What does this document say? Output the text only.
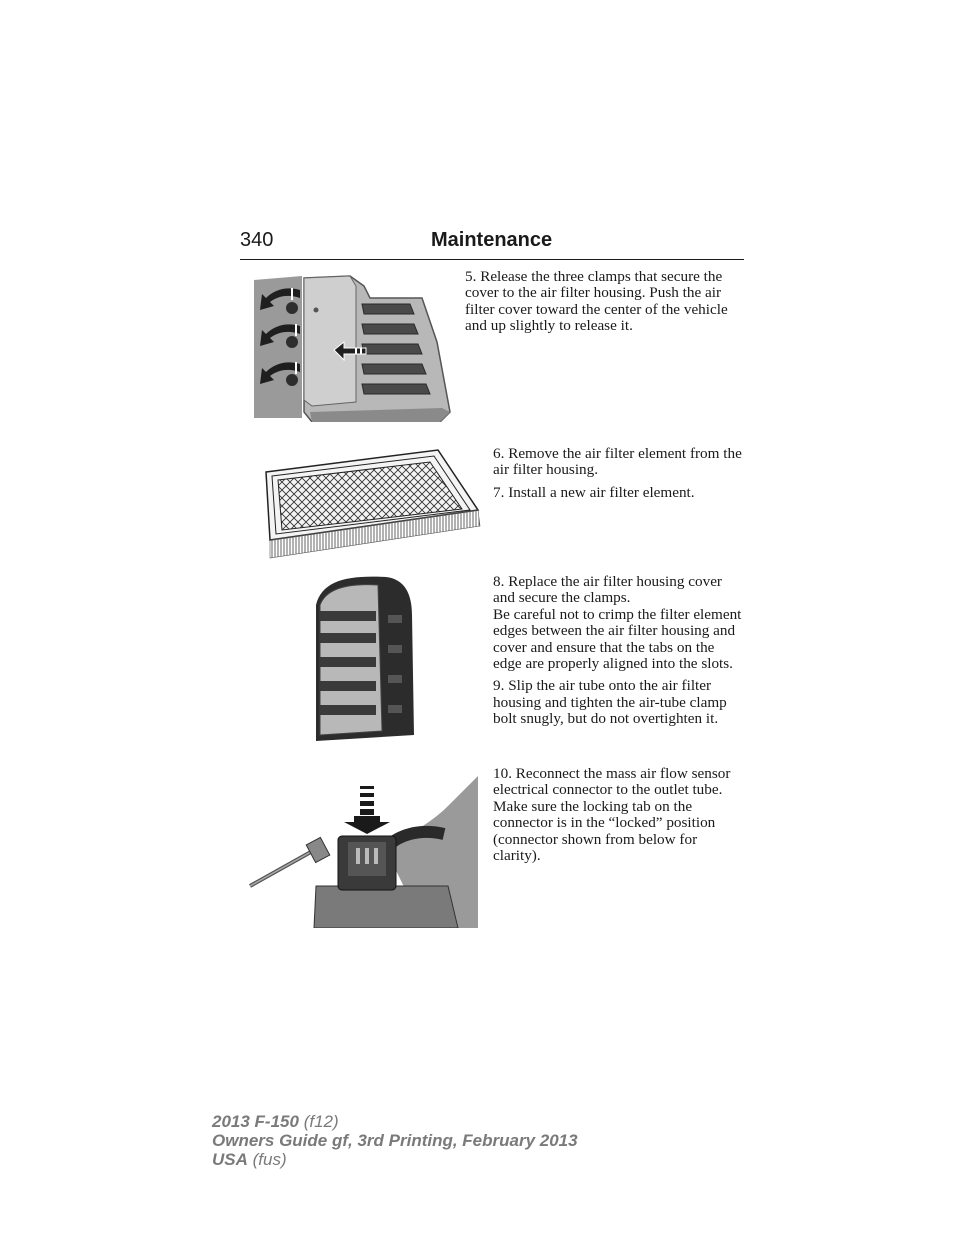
340	Maintenance

5. Release the three clamps that secure the cover to the air filter housing. Push the air filter cover toward the center of the vehicle and up slightly to release it.

6. Remove the air filter element from the air filter housing.

7. Install a new air filter element.

8. Replace the air filter housing cover and secure the clamps.

Be careful not to crimp the filter element edges between the air filter housing and cover and ensure that the tabs on the edge are properly aligned into the slots.

9. Slip the air tube onto the air filter housing and tighten the air-tube clamp bolt snugly, but do not overtighten it.

10. Reconnect the mass air flow sensor electrical connector to the outlet tube. Make sure the locking tab on the connector is in the “locked” position (connector shown from below for clarity).

2013 F-150 (f12)
Owners Guide gf, 3rd Printing, February 2013
USA (fus)
